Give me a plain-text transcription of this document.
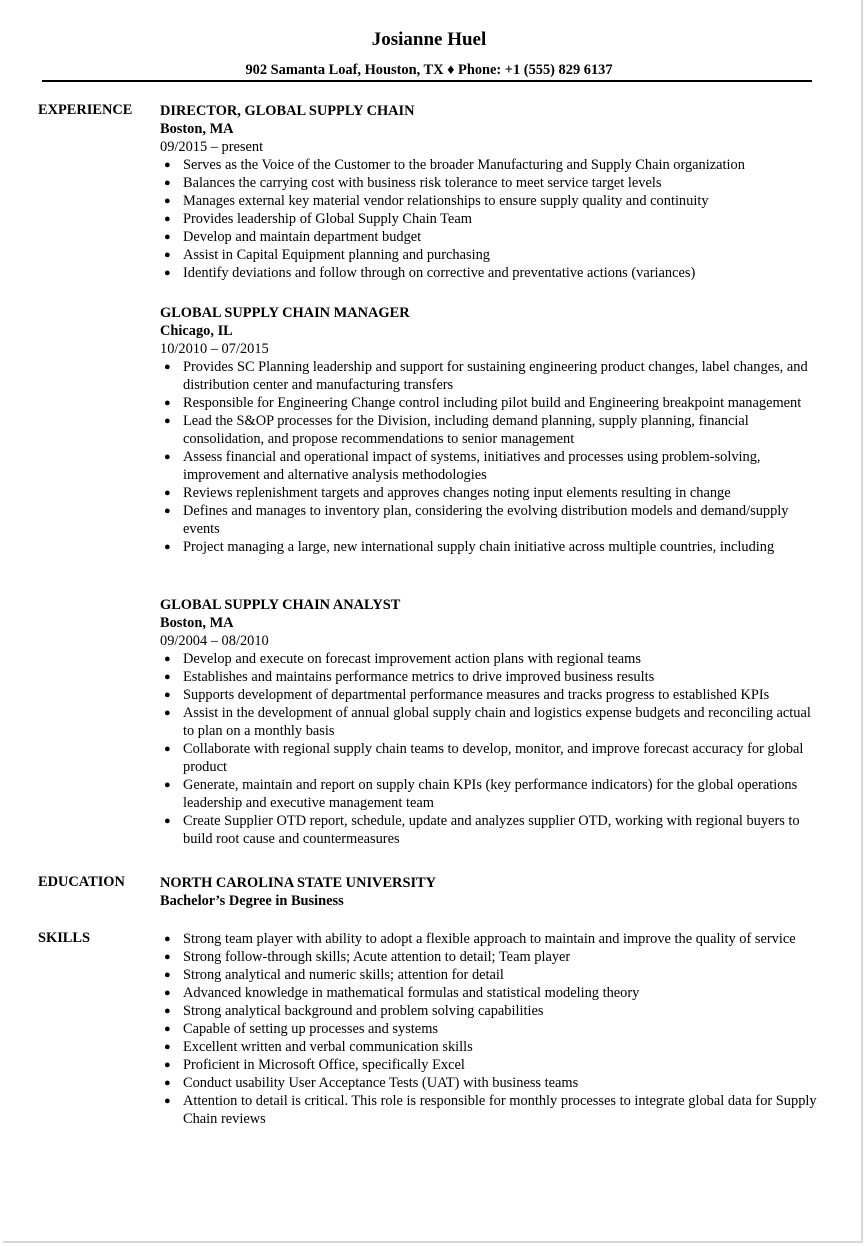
Josianne Huel
902 Samanta Loaf, Houston, TX ♦ Phone: +1 (555) 829 6137
EXPERIENCE DIRECTOR, GLOBAL SUPPLY CHAIN
Boston, MA
09/2015 – present
● Serves as the Voice of the Customer to the broader Manufacturing and Supply Chain organization
● Balances the carrying cost with business risk tolerance to meet service target levels
● Manages external key material vendor relationships to ensure supply quality and continuity
● Provides leadership of Global Supply Chain Team
● Develop and maintain department budget
● Assist in Capital Equipment planning and purchasing
● Identify deviations and follow through on corrective and preventative actions (variances)
GLOBAL SUPPLY CHAIN MANAGER
Chicago, IL
10/2010 – 07/2015
● Provides SC Planning leadership and support for sustaining engineering product changes, label changes, and distribution center and manufacturing transfers
● Responsible for Engineering Change control including pilot build and Engineering breakpoint management
● Lead the S&OP processes for the Division, including demand planning, supply planning, financial consolidation, and propose recommendations to senior management
● Assess financial and operational impact of systems, initiatives and processes using problem-solving, improvement and alternative analysis methodologies
● Reviews replenishment targets and approves changes noting input elements resulting in change
● Defines and manages to inventory plan, considering the evolving distribution models and demand/supply events
● Project managing a large, new international supply chain initiative across multiple countries, including
GLOBAL SUPPLY CHAIN ANALYST
Boston, MA
09/2004 – 08/2010
● Develop and execute on forecast improvement action plans with regional teams
● Establishes and maintains performance metrics to drive improved business results
● Supports development of departmental performance measures and tracks progress to established KPIs
● Assist in the development of annual global supply chain and logistics expense budgets and reconciling actual to plan on a monthly basis
● Collaborate with regional supply chain teams to develop, monitor, and improve forecast accuracy for global product
● Generate, maintain and report on supply chain KPIs (key performance indicators) for the global operations leadership and executive management team
● Create Supplier OTD report, schedule, update and analyzes supplier OTD, working with regional buyers to build root cause and countermeasures
EDUCATION NORTH CAROLINA STATE UNIVERSITY
Bachelor’s Degree in Business
SKILLS	● Strong team player with ability to adopt a flexible approach to maintain and improve the quality of service
● Strong follow-through skills; Acute attention to detail; Team player
● Strong analytical and numeric skills; attention for detail
● Advanced knowledge in mathematical formulas and statistical modeling theory
● Strong analytical background and problem solving capabilities
● Capable of setting up processes and systems
● Excellent written and verbal communication skills
● Proficient in Microsoft Office, specifically Excel
● Conduct usability User Acceptance Tests (UAT) with business teams
● Attention to detail is critical. This role is responsible for monthly processes to integrate global data for Supply Chain reviews
